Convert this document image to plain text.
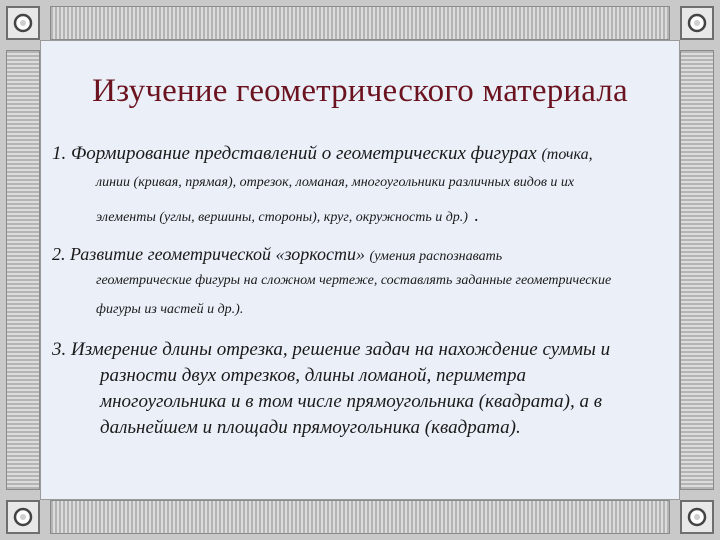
Изучение геометрического материала
1. Формирование представлений о геометрических фигурах (точка,
линии (кривая, прямая), отрезок, ломаная, многоугольники различных видов и их
элементы (углы, вершины, стороны), круг, окружность и др.) .
2. Развитие геометрической «зоркости» (умения распознавать
геометрические фигуры на сложном чертеже, составлять заданные геометрические
фигуры из частей и др.).
3. Измерение длины отрезка, решение задач на нахождение суммы и
разности двух отрезков, длины ломаной, периметра
многоугольника и в том числе прямоугольника (квадрата), а в
дальнейшем и площади прямоугольника (квадрата).
